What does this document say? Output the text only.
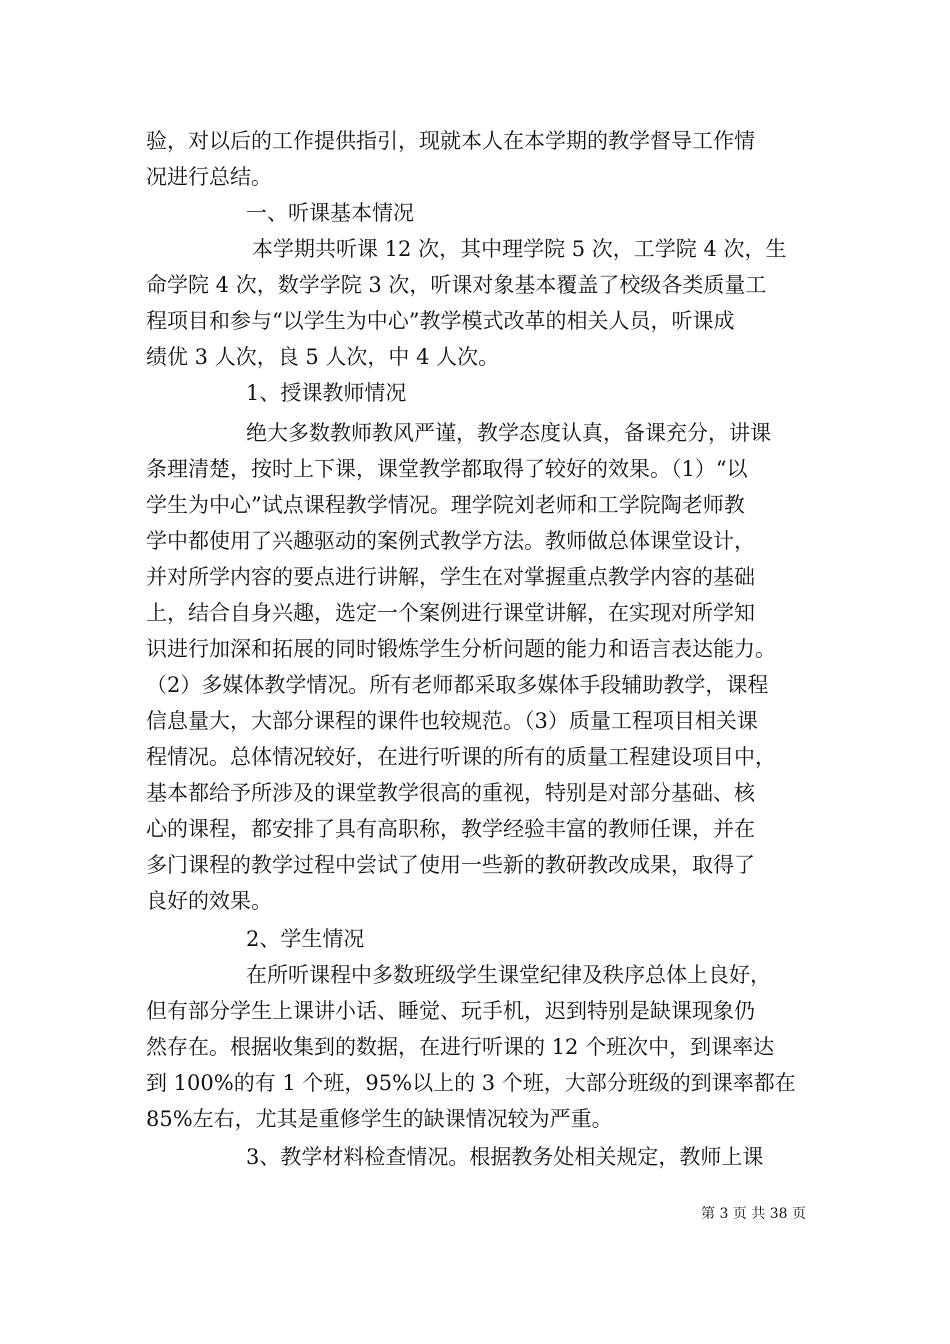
验，对以后的工作提供指引，现就本人在本学期的教学督导工作情
况进行总结。
一、听课基本情况
本学期共听课 12 次，其中理学院 5 次，工学院 4 次，生
命学院 4 次，数学学院 3 次，听课对象基本覆盖了校级各类质量工
程项目和参与“以学生为中心”教学模式改革的相关人员，听课成
绩优 3 人次，良 5 人次，中 4 人次。
1、授课教师情况
绝大多数教师教风严谨，教学态度认真，备课充分，讲课
条理清楚，按时上下课，课堂教学都取得了较好的效果。（1）“以
学生为中心”试点课程教学情况。理学院刘老师和工学院陶老师教
学中都使用了兴趣驱动的案例式教学方法。教师做总体课堂设计，
并对所学内容的要点进行讲解，学生在对掌握重点教学内容的基础
上，结合自身兴趣，选定一个案例进行课堂讲解，在实现对所学知
识进行加深和拓展的同时锻炼学生分析问题的能力和语言表达能力。
（2）多媒体教学情况。所有老师都采取多媒体手段辅助教学，课程
信息量大，大部分课程的课件也较规范。（3）质量工程项目相关课
程情况。总体情况较好，在进行听课的所有的质量工程建设项目中，
基本都给予所涉及的课堂教学很高的重视，特别是对部分基础、核
心的课程，都安排了具有高职称，教学经验丰富的教师任课，并在
多门课程的教学过程中尝试了使用一些新的教研教改成果，取得了
良好的效果。
2、学生情况
在所听课程中多数班级学生课堂纪律及秩序总体上良好，
但有部分学生上课讲小话、睡觉、玩手机，迟到特别是缺课现象仍
然存在。根据收集到的数据，在进行听课的 12 个班次中，到课率达
到 100%的有 1 个班，95%以上的 3 个班，大部分班级的到课率都在
85%左右，尤其是重修学生的缺课情况较为严重。
3、教学材料检查情况。根据教务处相关规定，教师上课
第 3 页 共 38 页
